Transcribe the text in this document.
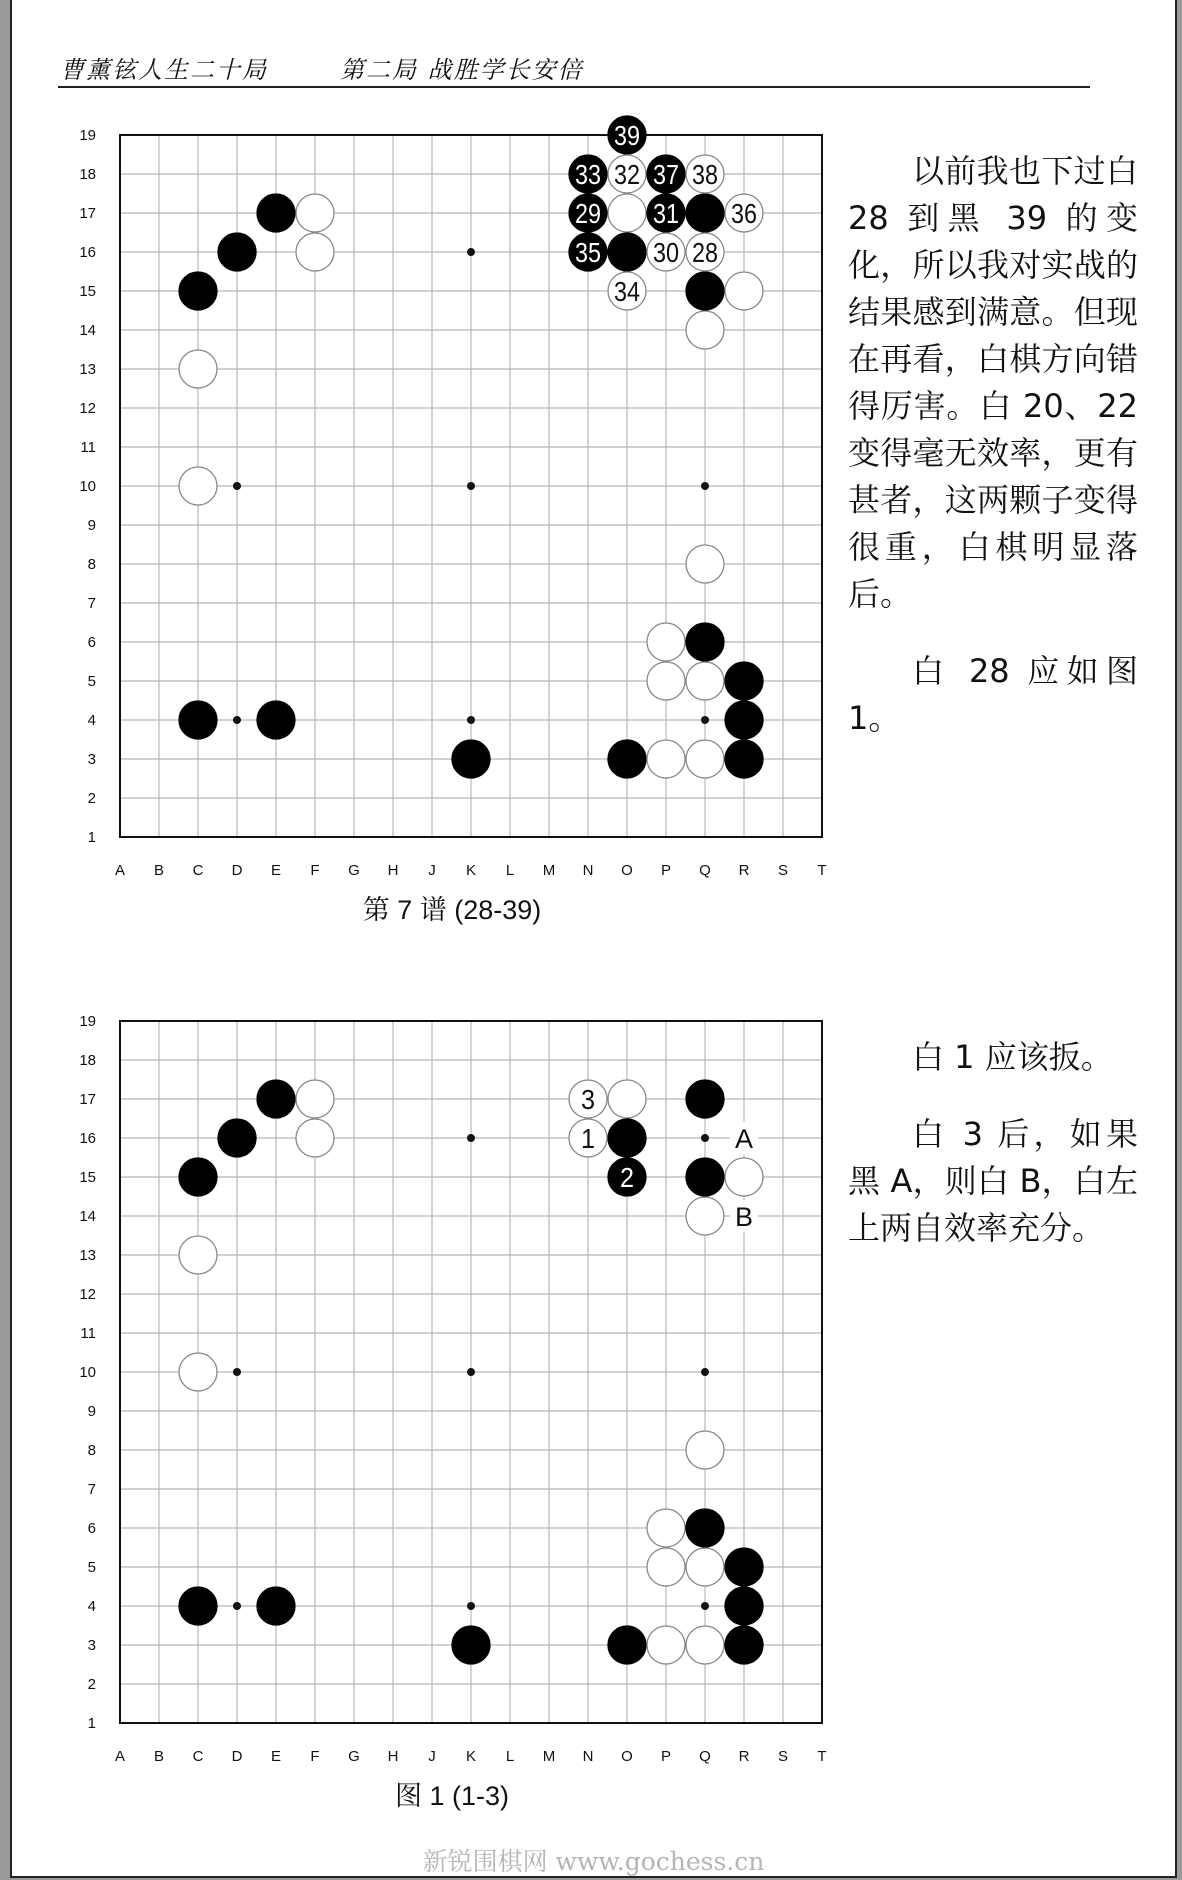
曹薰铉人生二十局	第二局 战胜学长安倍
19
18
17
16
15
14
13
12
11
10
9
8
7
6
5
4
3
2
1
A B C D E F G H J K L M N O P Q R S T
39
33 32 37 38
29 31 36
35 30 28
34
第 7 谱 (28-39)

以前我也下过白 28 到黑 39 的变化，所以我对实战的结果感到满意。但现在再看，白棋方向错得厉害。白 20、22 变得毫无效率，更有甚者，这两颗子变得很重，白棋明显落后。

白 28 应如图 1。

19
18
17
16
15
14
13
12
11
10
9
8
7
6
5
4
3
2
1
A B C D E F G H J K L M N O P Q R S T
3
1
2
A
B
图 1 (1-3)

白 1 应该扳。

白 3 后，如果黑 A，则白 B，白左上两自效率充分。

新锐围棋网 www.gochess.cn
